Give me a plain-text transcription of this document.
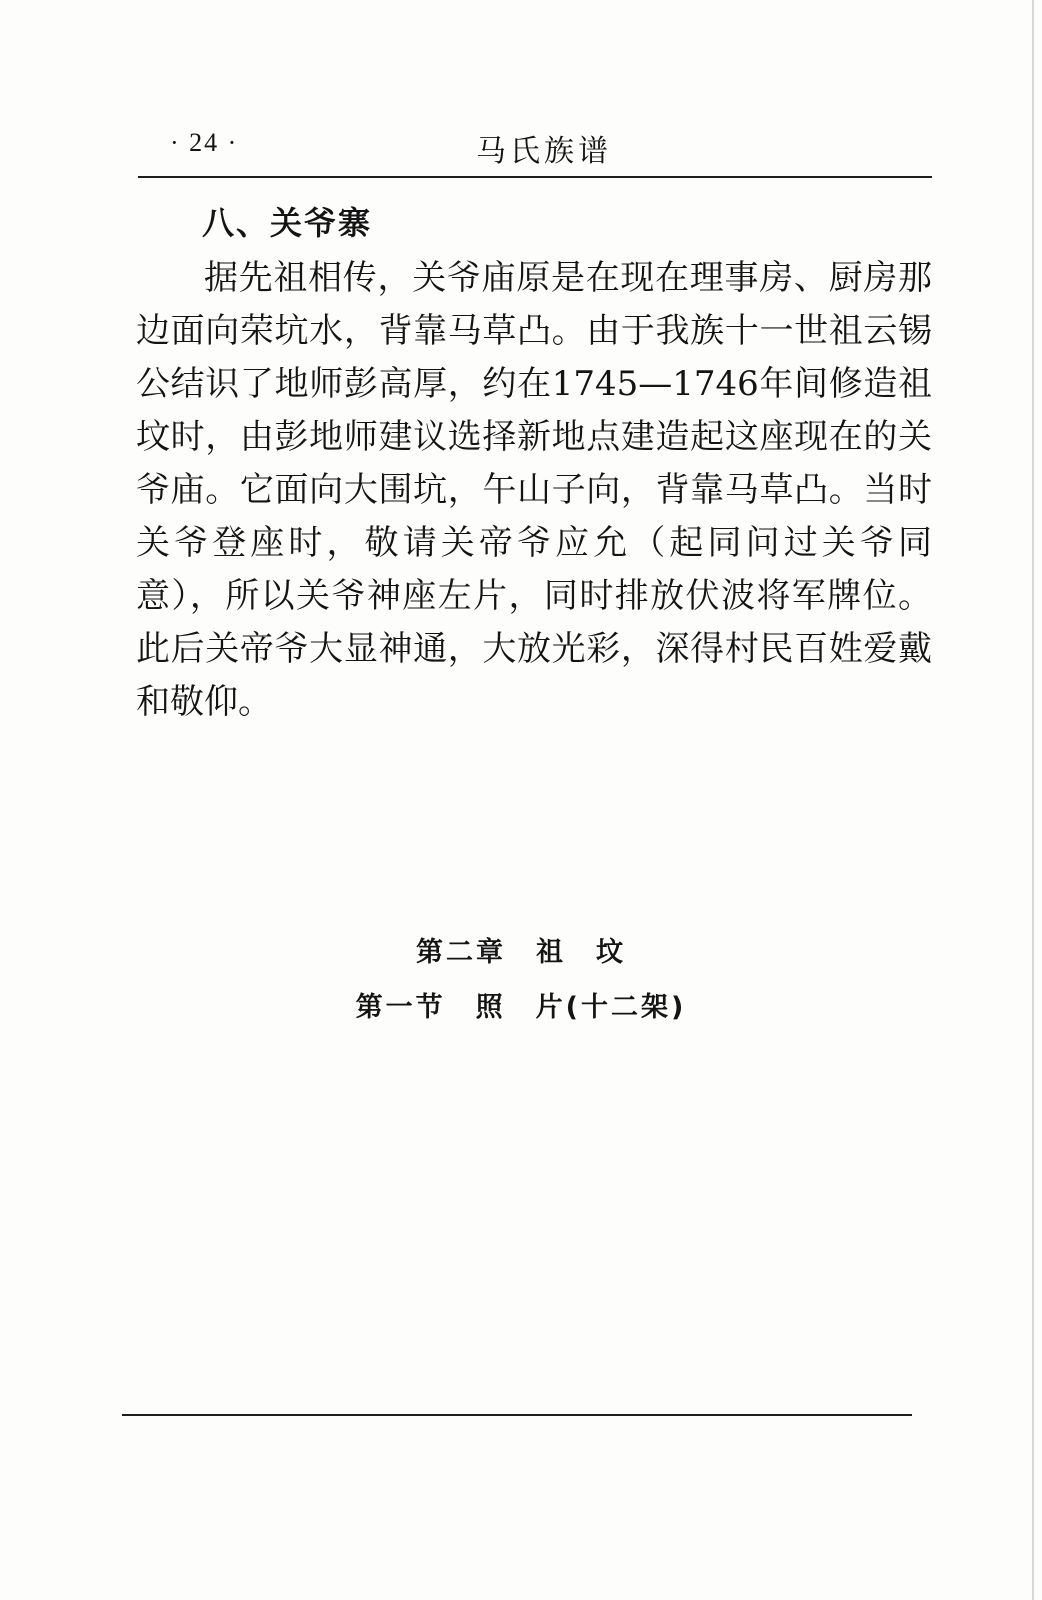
· 24 ·	马氏族谱
八、关爷寨

据先祖相传，关爷庙原是在现在理事房、厨房那边面向荣坑水，背靠马草凸。由于我族十一世祖云锡公结识了地师彭高厚，约在1745—1746年间修造祖坟时，由彭地师建议选择新地点建造起这座现在的关爷庙。它面向大围坑，午山子向，背靠马草凸。当时关爷登座时，敬请关帝爷应允（起同问过关爷同意），所以关爷神座左片，同时排放伏波将军牌位。此后关帝爷大显神通，大放光彩，深得村民百姓爱戴和敬仰。

第二章　祖　坟
第一节　照　片(十二架)
